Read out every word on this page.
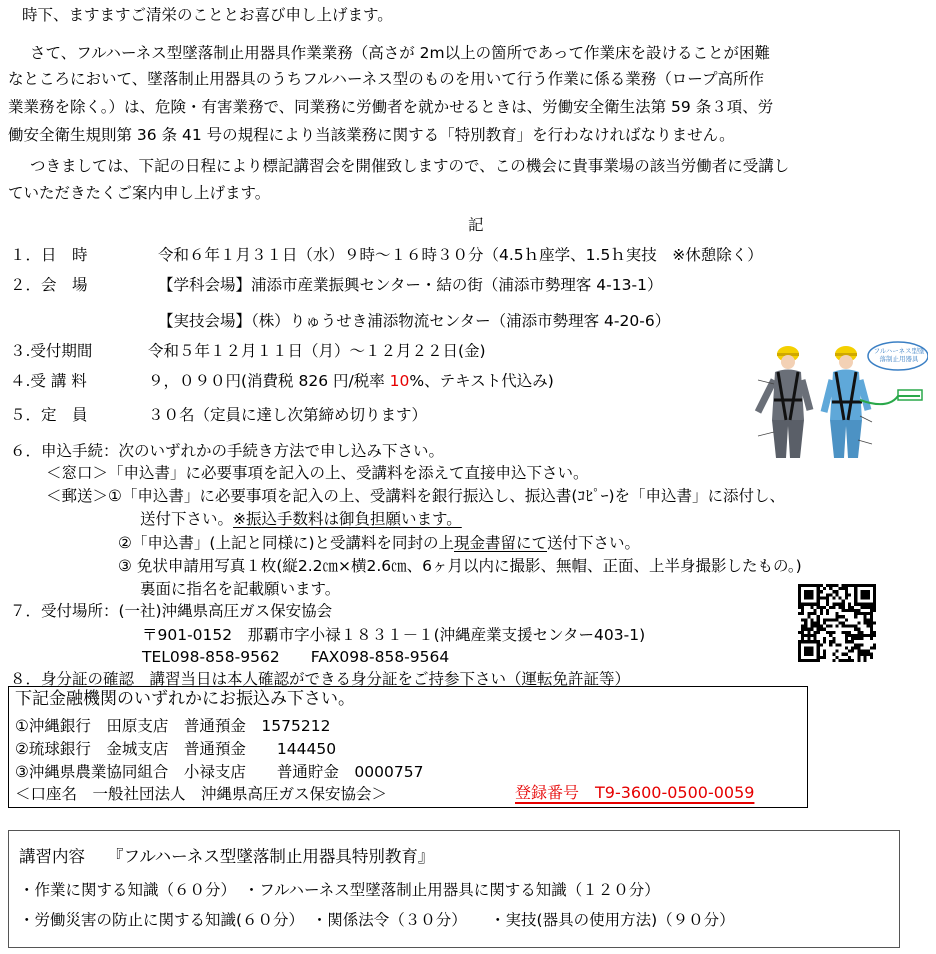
時下、ますますご清栄のこととお喜び申し上げます。
さて、フルハーネス型墜落制止用器具作業業務（高さが 2m以上の箇所であって作業床を設けることが困難
なところにおいて、墜落制止用器具のうちフルハーネス型のものを用いて行う作業に係る業務（ロープ高所作
業業務を除く。）は、危険・有害業務で、同業務に労働者を就かせるときは、労働安全衛生法第 59 条３項、労
働安全衛生規則第 36 条 41 号の規程により当該業務に関する「特別教育」を行わなければなりません。
つきましては、下記の日程により標記講習会を開催致しますので、この機会に貴事業場の該当労働者に受講し
ていただきたくご案内申し上げます。
記
１．日　時	令和６年１月３１日（水）９時～１６時３０分（4.5ｈ座学、1.5ｈ実技　※休憩除く）
２．会　場	【学科会場】浦添市産業振興センター・結の街（浦添市勢理客 4-13-1）
【実技会場】（株）りゅうせき浦添物流センター（浦添市勢理客 4-20-6）
３.受付期間	令和５年１２月１１日（月）～１２月２２日(金)
４.受 講 料	９，０９０円(消費税 826 円/税率 10%、テキスト代込み)
５．定　員	３０名（定員に達し次第締め切ります）
６．申込手続：次のいずれかの手続き方法で申し込み下さい。
＜窓口＞「申込書」に必要事項を記入の上、受講料を添えて直接申込下さい。
＜郵送＞①「申込書」に必要事項を記入の上、受講料を銀行振込し、振込書(ｺﾋﾟｰ)を「申込書」に添付し、
送付下さい。※振込手数料は御負担願います。
②「申込書」(上記と同様に)と受講料を同封の上現金書留にて送付下さい。
③ 免状申請用写真１枚(縦2.2㎝×横2.6㎝、6ヶ月以内に撮影、無帽、正面、上半身撮影したもの。)
裏面に指名を記載願います。
７．受付場所：(一社)沖縄県高圧ガス保安協会
〒901-0152　那覇市字小禄１８３１－１(沖縄産業支援センター403-1)
TEL098-858-9562　　FAX098-858-9564
８．身分証の確認　講習当日は本人確認ができる身分証をご持参下さい（運転免許証等）
フルハーネス型墜落制止用器具
下記金融機関のいずれかにお振込み下さい。
①沖縄銀行　田原支店　普通預金　1575212
②琉球銀行　金城支店　普通預金　　144450
③沖縄県農業協同組合　小禄支店　　普通貯金　0000757
＜口座名　一般社団法人　沖縄県高圧ガス保安協会＞	登録番号　T9-3600-0500-0059
講習内容 『フルハーネス型墜落制止用器具特別教育』
・作業に関する知識（６０分）　・フルハーネス型墜落制止用器具に関する知識（１２０分）
・労働災害の防止に関する知識(６０分）　・関係法令（３０分）　　・実技(器具の使用方法)（９０分）
